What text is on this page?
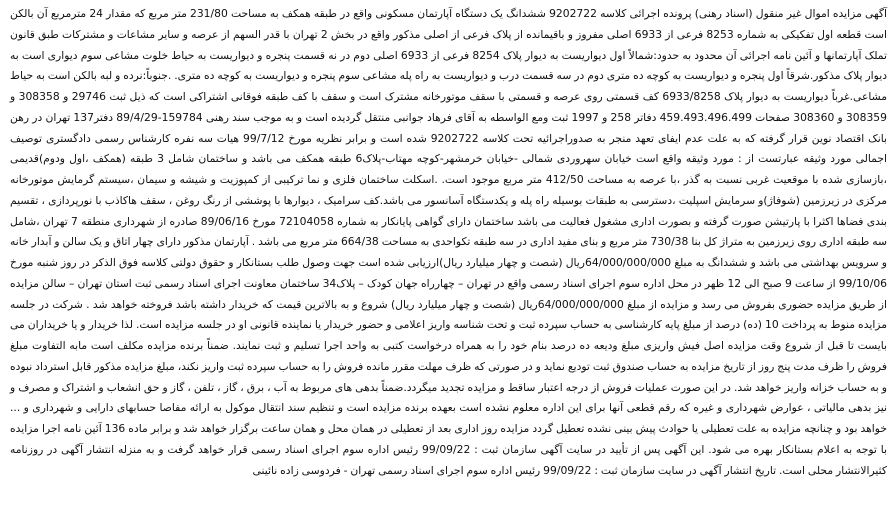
آگهی مزایده اموال غیر منقول (اسناد رهنی) پرونده اجرائی کلاسه 9202722 ششدانگ یک دستگاه آپارتمان مسکونی واقع در طبقه همکف به مساحت 231/80 متر مربع که مقدار 24 مترمربع آن بالکن است قطعه اول تفکیکی به شماره 8253 فرعی از 6933 اصلی مفروز و باقیمانده از پلاک فرعی از اصلی مذکور واقع در بخش 2 تهران با قدر السهم از عرصه و سایر مشاعات و مشترکات طبق قانون تملک آپارتمانها و آئین نامه اجرائی آن محدود به حدود:شمالاً اول دیواریست به دیوار پلاک 8254 فرعی از 6933 اصلی دوم در نه قسمت پنجره و دیواریست به حیاط خلوت مشاعی سوم دیواری است به دیوار پلاک مذکور.شرقاً اول پنجره و دیواریست به کوچه ده متری دوم در سه قسمت درب و دیواریست به راه پله مشاعی سوم پنجره و دیواریست به کوچه ده متری. .جنوباً:نرده و لبه بالکن است به حیاط مشاعی.غرباً دیواریست به دیوار پلاک 6933/8258 کف قسمتی روی عرصه و قسمتی با سقف موتورخانه مشترک است و سقف با کف طبقه فوقانی اشتراکی است که ذیل ثبت 29746 و 308358 و 308359 و 308360 صفحات 459.493.496.499 دفاتر 258 و 1997 ثبت ومع الواسطه به آقای فرهاد جوانبی منتقل گردیده است و به موجب سند رهنی 159784-89/4/29 دفتر137 تهران در رهن بانک اقتصاد نوین قرار گرفته که به علت عدم ایفای تعهد منجر به صدوراجرائیه تحت کلاسه 9202722 شده است و برابر نظریه مورخ 99/7/12 هیات سه نفره کارشناس رسمی دادگستری توصیف اجمالی مورد وثیقه عبارتست از : مورد وثیقه واقع است خیابان سهروردی شمالی -خیابان خرمشهر-کوچه مهتاب-پلاک6 طبقه همکف می باشد و ساختمان شامل 3 طبقه (همکف ،اول ودوم)قدیمی ،بازسازی شده با موقعیت غربی نسبت به گذر ،با عرصه به مساحت 412/50 متر مربع موجود است. .اسکلت ساختمان فلزی و نما ترکیبی از کمپوزیت و شیشه و سیمان ،سیستم گرمایش موتورخانه مرکزی در زیرزمین (شوفاژ)و سرمایش اسپلیت ،دسترسی به طبقات بوسیله راه پله و یکدستگاه آسانسور می باشد.کف سرامیک ، دیوارها با پوششی از رنگ روغن ، سقف هاکاذب با نورپردازی ، تقسیم بندی فضاها اکثرا با پارتیشن صورت گرفته و بصورت اداری مشغول فعالیت می باشد ساختمان دارای گواهی پایانکار به شماره 72104058 مورخ 89/06/16 صادره از شهرداری منطقه 7 تهران ،شامل سه طبقه اداری روی زیرزمین به متراژ کل بنا 730/38 متر مربع و بنای مفید اداری در سه طبقه تکواحدی به مساحت 664/38 متر مربع می باشد . آپارتمان مذکور دارای چهار اتاق و یک سالن و آبدار خانه و سرویس بهداشتی می باشد و ششدانگ به مبلغ 64/000/000/000ریال (شصت و چهار میلیارد ریال)ارزیابی شده است جهت وصول طلب بستانکار و حقوق دولتی کلاسه فوق الذکر در روز شنبه مورخ 99/10/06 از ساعت 9 صبح الی 12 ظهر در محل اداره سوم اجرای اسناد رسمی واقع در تهران – چهارراه جهان کودک – پلاک34 ساختمان معاونت اجرای اسناد رسمی ثبت استان تهران – سالن مزایده از طریق مزایده حضوری بفروش می رسد و مزایده از مبلغ 64/000/000/000ریال (شصت و چهار میلیارد ریال) شروع و به بالاترین قیمت که خریدار داشته باشد فروخته خواهد شد . شرکت در جلسه مزایده منوط به پرداخت 10 (ده) درصد از مبلغ پایه کارشناسی به حساب سپرده ثبت و تحت شناسه واریز اعلامی و حضور خریدار یا نماینده قانونی او در جلسه مزایده است. لذا خریدار و یا خریداران می بایست تا قبل از شروع وقت مزایده اصل فیش واریزی مبلغ ودیعه ده درصد بنام خود را به همراه درخواست کتبی به واحد اجرا تسلیم و ثبت نمایند. ضمناً برنده مزایده مکلف است مابه التفاوت مبلغ فروش را ظرف مدت پنج روز از تاریخ مزایده به حساب صندوق ثبت تودیع نماید و در صورتی که ظرف مهلت مقرر مانده فروش را به حساب سپرده ثبت واریز نکند، مبلغ مزایده مذکور قابل استرداد نبوده و به حساب خزانه واریز خواهد شد. در این صورت عملیات فروش از درجه اعتبار ساقط و مزایده تجدید میگردد.ضمناً بدهی های مربوط به آب ، برق ، گاز ، تلفن ، گاز و حق انشعاب و اشتراک و مصرف و نیز بدهی مالیاتی ، عوارض شهرداری و غیره که رقم قطعی آنها برای این اداره معلوم نشده است بعهده برنده مزایده است و تنظیم سند انتقال موکول به ارائه مفاصا حسابهای دارایی و شهرداری و ... خواهد بود و چنانچه مزایده به علت تعطیلی یا حوادث پیش بینی نشده تعطیل گردد مزایده روز اداری بعد از تعطیلی در همان محل و همان ساعت برگزار خواهد شد و برابر ماده 136 آئین نامه اجرا مزایده با توجه به اعلام بستانکار بهره می شود. این آگهی پس از تأیید در سایت آگهی سازمان ثبت : 99/09/22 رئیس اداره سوم اجرای اسناد رسمی قرار خواهد گرفت و به منزله انتشار آگهی در روزنامه کثیرالانتشار محلی است. تاریخ انتشار آگهی در سایت سازمان ثبت : 99/09/22 رئیس اداره سوم اجرای اسناد رسمی تهران - فردوسی زاده نائینی
